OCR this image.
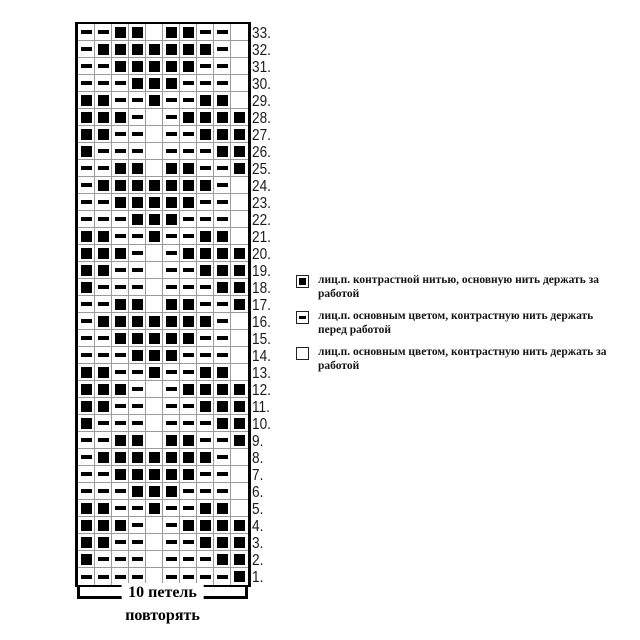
33.
32.
31.
30.
29.
28.
27.
26.
25.
24.
23.
22.
21.
20.
19.
18.
17.
16.
15.
14.
13.
12.
11.
10.
9.
8.
7.
6.
5.
4.
3.
2.
1.
лиц.п. контрастной нитью, основную нить держать за
работой
лиц.п. основным цветом, контрастную нить держать
перед работой
лиц.п. основным цветом, контрастную нить держать за
работой
10 петель
повторять
